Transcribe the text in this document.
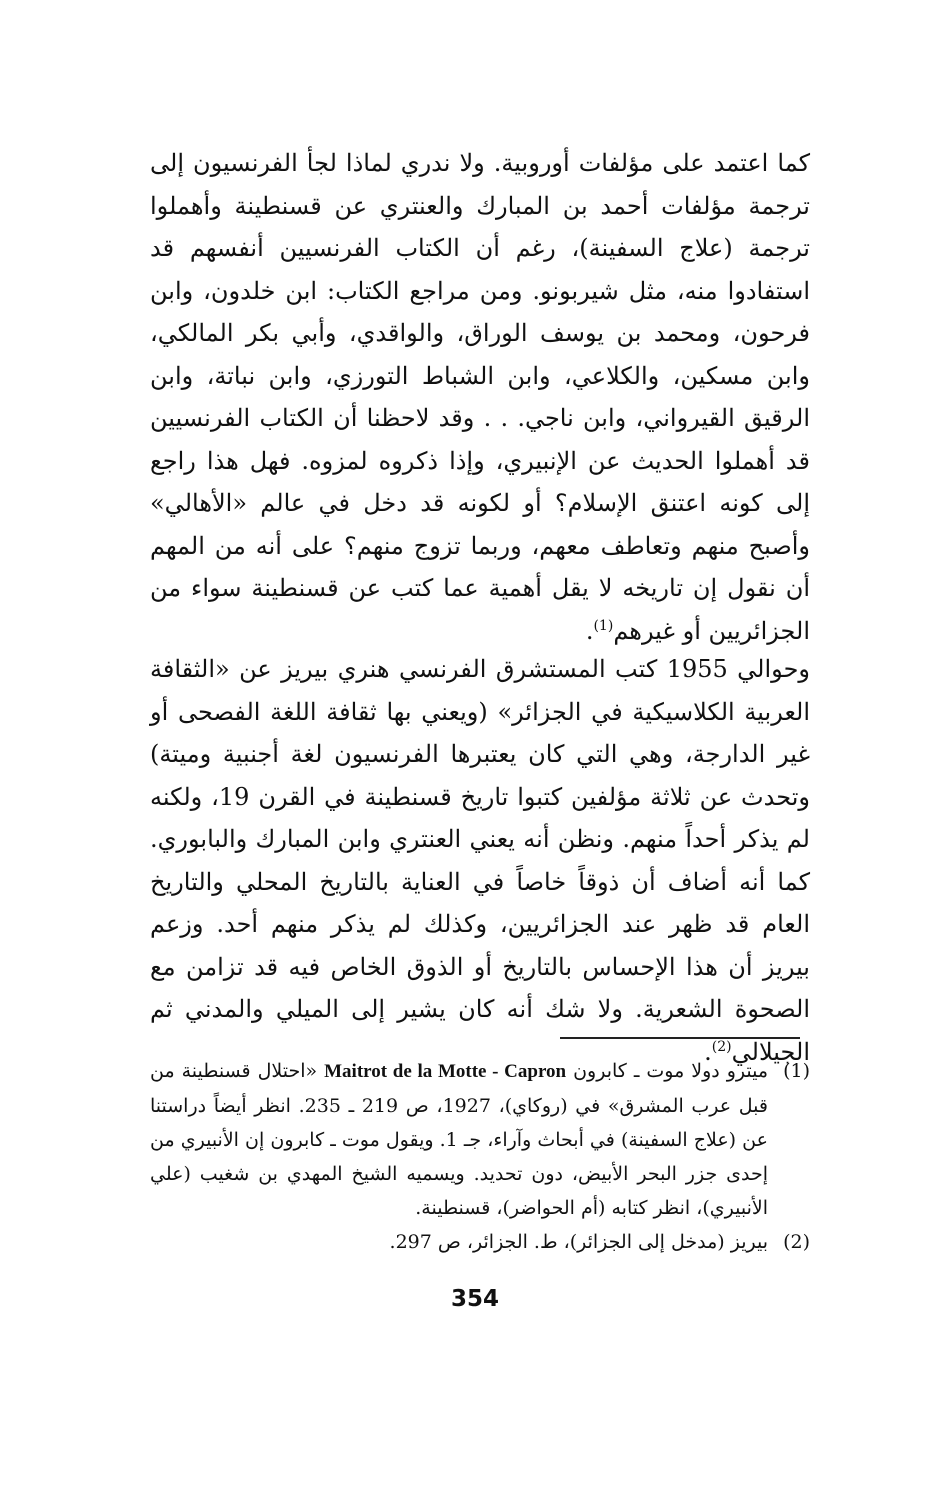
كما اعتمد على مؤلفات أوروبية. ولا ندري لماذا لجأ الفرنسيون إلى ترجمة مؤلفات أحمد بن المبارك والعنتري عن قسنطينة وأهملوا ترجمة (علاج السفينة)، رغم أن الكتاب الفرنسيين أنفسهم قد استفادوا منه، مثل شيربونو. ومن مراجع الكتاب: ابن خلدون، وابن فرحون، ومحمد بن يوسف الوراق، والواقدي، وأبي بكر المالكي، وابن مسكين، والكلاعي، وابن الشباط التورزي، وابن نباتة، وابن الرقيق القيرواني، وابن ناجي. . . وقد لاحظنا أن الكتاب الفرنسيين قد أهملوا الحديث عن الإنبيري، وإذا ذكروه لمزوه. فهل هذا راجع إلى كونه اعتنق الإسلام؟ أو لكونه قد دخل في عالم «الأهالي» وأصبح منهم وتعاطف معهم، وربما تزوج منهم؟ على أنه من المهم أن نقول إن تاريخه لا يقل أهمية عما كتب عن قسنطينة سواء من الجزائريين أو غيرهم$^{(1)}$.

وحوالي 1955 كتب المستشرق الفرنسي هنري بيريز عن «الثقافة العربية الكلاسيكية في الجزائر» (ويعني بها ثقافة اللغة الفصحى أو غير الدارجة، وهي التي كان يعتبرها الفرنسيون لغة أجنبية وميتة) وتحدث عن ثلاثة مؤلفين كتبوا تاريخ قسنطينة في القرن 19، ولكنه لم يذكر أحداً منهم. ونظن أنه يعني العنتري وابن المبارك والبابوري. كما أنه أضاف أن ذوقاً خاصاً في العناية بالتاريخ المحلي والتاريخ العام قد ظهر عند الجزائريين، وكذلك لم يذكر منهم أحد. وزعم بيريز أن هذا الإحساس بالتاريخ أو الذوق الخاص فيه قد تزامن مع الصحوة الشعرية. ولا شك أنه كان يشير إلى الميلي والمدني ثم الجيلالي$^{(2)}$.

(1)

ميترو دولا موت ـ كابرون Maitrot de la Motte - Capron «احتلال قسنطينة من قبل عرب المشرق» في (روكاي)، 1927، ص 219 ـ 235. انظر أيضاً دراستنا عن (علاج السفينة) في أبحاث وآراء، جـ 1. ويقول موت ـ كابرون إن الأنبيري من إحدى جزر البحر الأبيض، دون تحديد. ويسميه الشيخ المهدي بن شغيب (علي الأنبيري)، انظر كتابه (أم الحواضر)، قسنطينة.

(2)

بيريز (مدخل إلى الجزائر)، ط. الجزائر، ص 297.

354
